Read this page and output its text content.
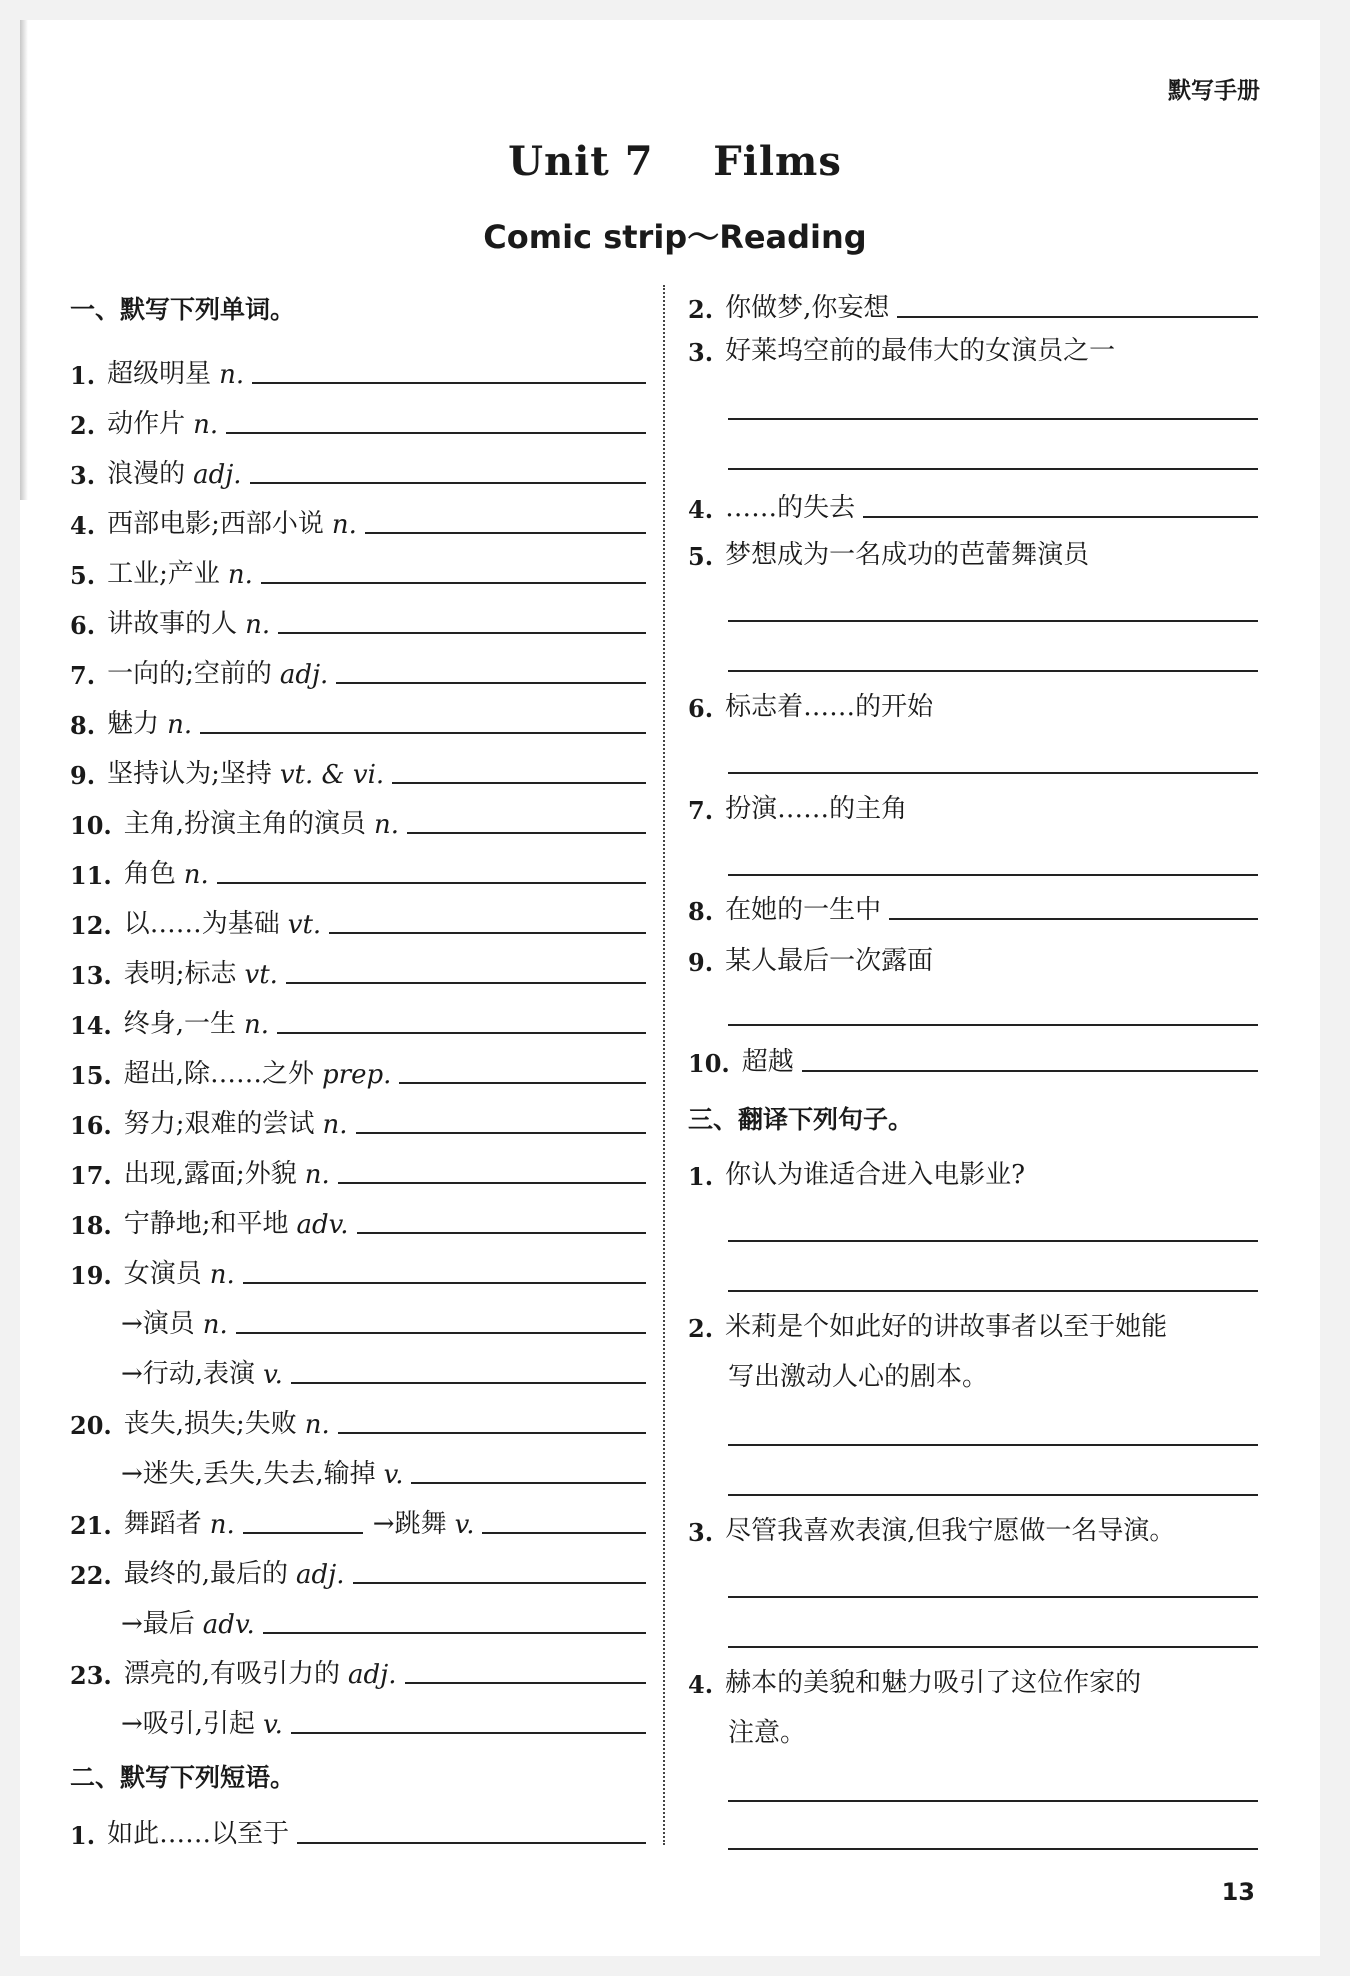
默写手册
Unit 7    Films
Comic strip～Reading
一、默写下列单词。
1. 超级明星 n.
2. 动作片 n.
3. 浪漫的 adj.
4. 西部电影;西部小说 n.
5. 工业;产业 n.
6. 讲故事的人 n.
7. 一向的;空前的 adj.
8. 魅力 n.
9. 坚持认为;坚持 vt. & vi.
10. 主角,扮演主角的演员 n.
11. 角色 n.
12. 以……为基础 vt.
13. 表明;标志 vt.
14. 终身,一生 n.
15. 超出,除……之外 prep.
16. 努力;艰难的尝试 n.
17. 出现,露面;外貌 n.
18. 宁静地;和平地 adv.
19. 女演员 n.
→演员 n.
→行动,表演 v.
20. 丧失,损失;失败 n.
→迷失,丢失,失去,输掉 v.
21. 舞蹈者 n.	→跳舞 v.
22. 最终的,最后的 adj.
→最后 adv.
23. 漂亮的,有吸引力的 adj.
→吸引,引起 v.
二、默写下列短语。
1. 如此……以至于
2. 你做梦,你妄想
3. 好莱坞空前的最伟大的女演员之一
4. ……的失去
5. 梦想成为一名成功的芭蕾舞演员
6. 标志着……的开始
7. 扮演……的主角
8. 在她的一生中
9. 某人最后一次露面
10. 超越
三、翻译下列句子。
1. 你认为谁适合进入电影业?
2. 米莉是个如此好的讲故事者以至于她能
写出激动人心的剧本。
3. 尽管我喜欢表演,但我宁愿做一名导演。
4. 赫本的美貌和魅力吸引了这位作家的
注意。
13
